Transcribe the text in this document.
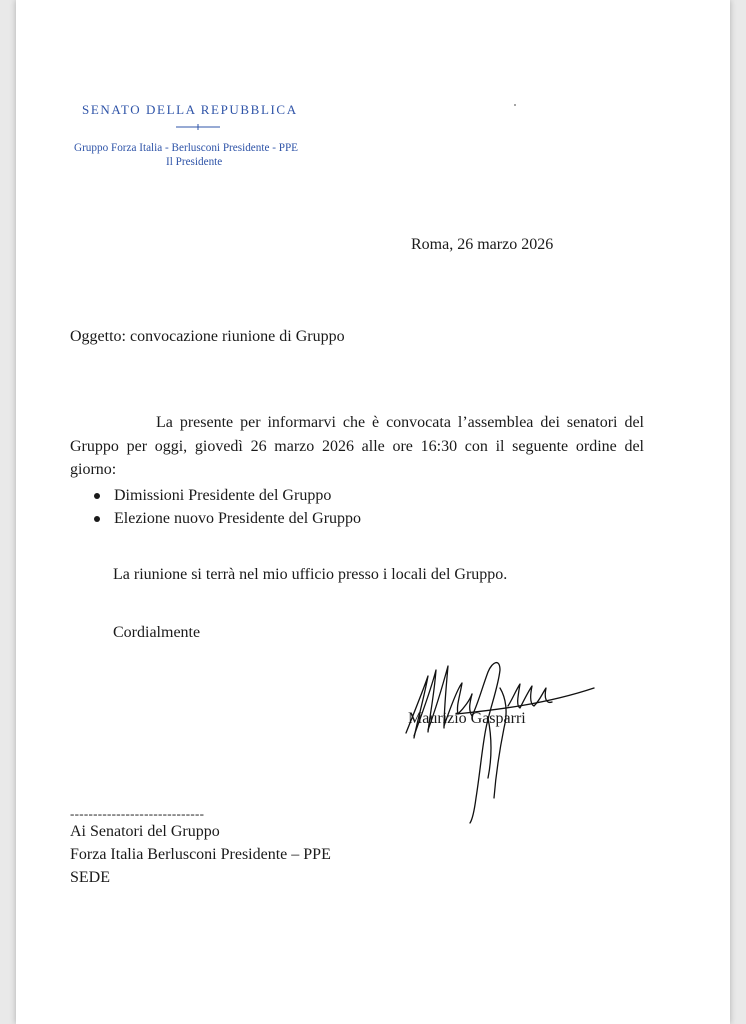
SENATO DELLA REPUBBLICA
Gruppo Forza Italia - Berlusconi Presidente - PPE
Il Presidente
Roma, 26 marzo 2026
Oggetto: convocazione riunione di Gruppo
La presente per informarvi che è convocata l’assemblea dei senatori del
Gruppo per oggi, giovedì 26 marzo 2026 alle ore 16:30 con il seguente ordine del
giorno:
Dimissioni Presidente del Gruppo
Elezione nuovo Presidente del Gruppo
La riunione si terrà nel mio ufficio presso i locali del Gruppo.
Cordialmente
Maurizio Gasparri
-----------------------------
Ai Senatori del Gruppo
Forza Italia Berlusconi Presidente – PPE
SEDE
